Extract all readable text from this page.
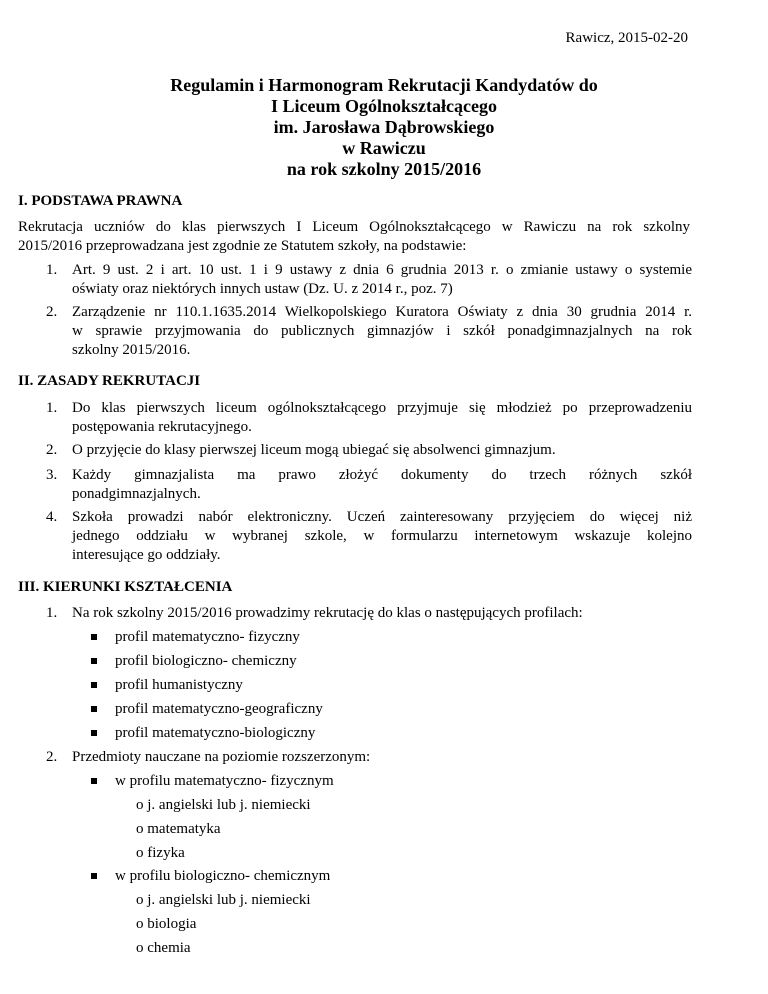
Rawicz, 2015-02-20
Regulamin i Harmonogram Rekrutacji Kandydatów do
I Liceum Ogólnokształcącego
im. Jarosława Dąbrowskiego
w Rawiczu
na rok szkolny 2015/2016
I. PODSTAWA PRAWNA
Rekrutacja uczniów do klas pierwszych I Liceum Ogólnokształcącego w Rawiczu na rok szkolny
2015/2016 przeprowadzana jest zgodnie ze Statutem szkoły, na podstawie:
1. Art. 9 ust. 2 i art. 10 ust. 1 i 9 ustawy z dnia 6 grudnia 2013 r. o zmianie ustawy o systemie
oświaty oraz niektórych innych ustaw (Dz. U. z 2014 r., poz. 7)
2. Zarządzenie nr 110.1.1635.2014 Wielkopolskiego Kuratora Oświaty z dnia 30 grudnia 2014 r.
w sprawie przyjmowania do publicznych gimnazjów i szkół ponadgimnazjalnych na rok
szkolny 2015/2016.
II. ZASADY REKRUTACJI
1. Do klas pierwszych liceum ogólnokształcącego przyjmuje się młodzież po przeprowadzeniu
postępowania rekrutacyjnego.
2. O przyjęcie do klasy pierwszej liceum mogą ubiegać się absolwenci gimnazjum.
3. Każdy gimnazjalista ma prawo złożyć dokumenty do trzech różnych szkół
ponadgimnazjalnych.
4. Szkoła prowadzi nabór elektroniczny. Uczeń zainteresowany przyjęciem do więcej niż
jednego oddziału w wybranej szkole, w formularzu internetowym wskazuje kolejno
interesujące go oddziały.
III. KIERUNKI KSZTAŁCENIA
1. Na rok szkolny 2015/2016 prowadzimy rekrutację do klas o następujących profilach:
profil matematyczno- fizyczny
profil biologiczno- chemiczny
profil humanistyczny
profil matematyczno-geograficzny
profil matematyczno-biologiczny
2. Przedmioty nauczane na poziomie rozszerzonym:
w profilu matematyczno- fizycznym
o j. angielski lub j. niemiecki
o matematyka
o fizyka
w profilu biologiczno- chemicznym
o j. angielski lub j. niemiecki
o biologia
o chemia
